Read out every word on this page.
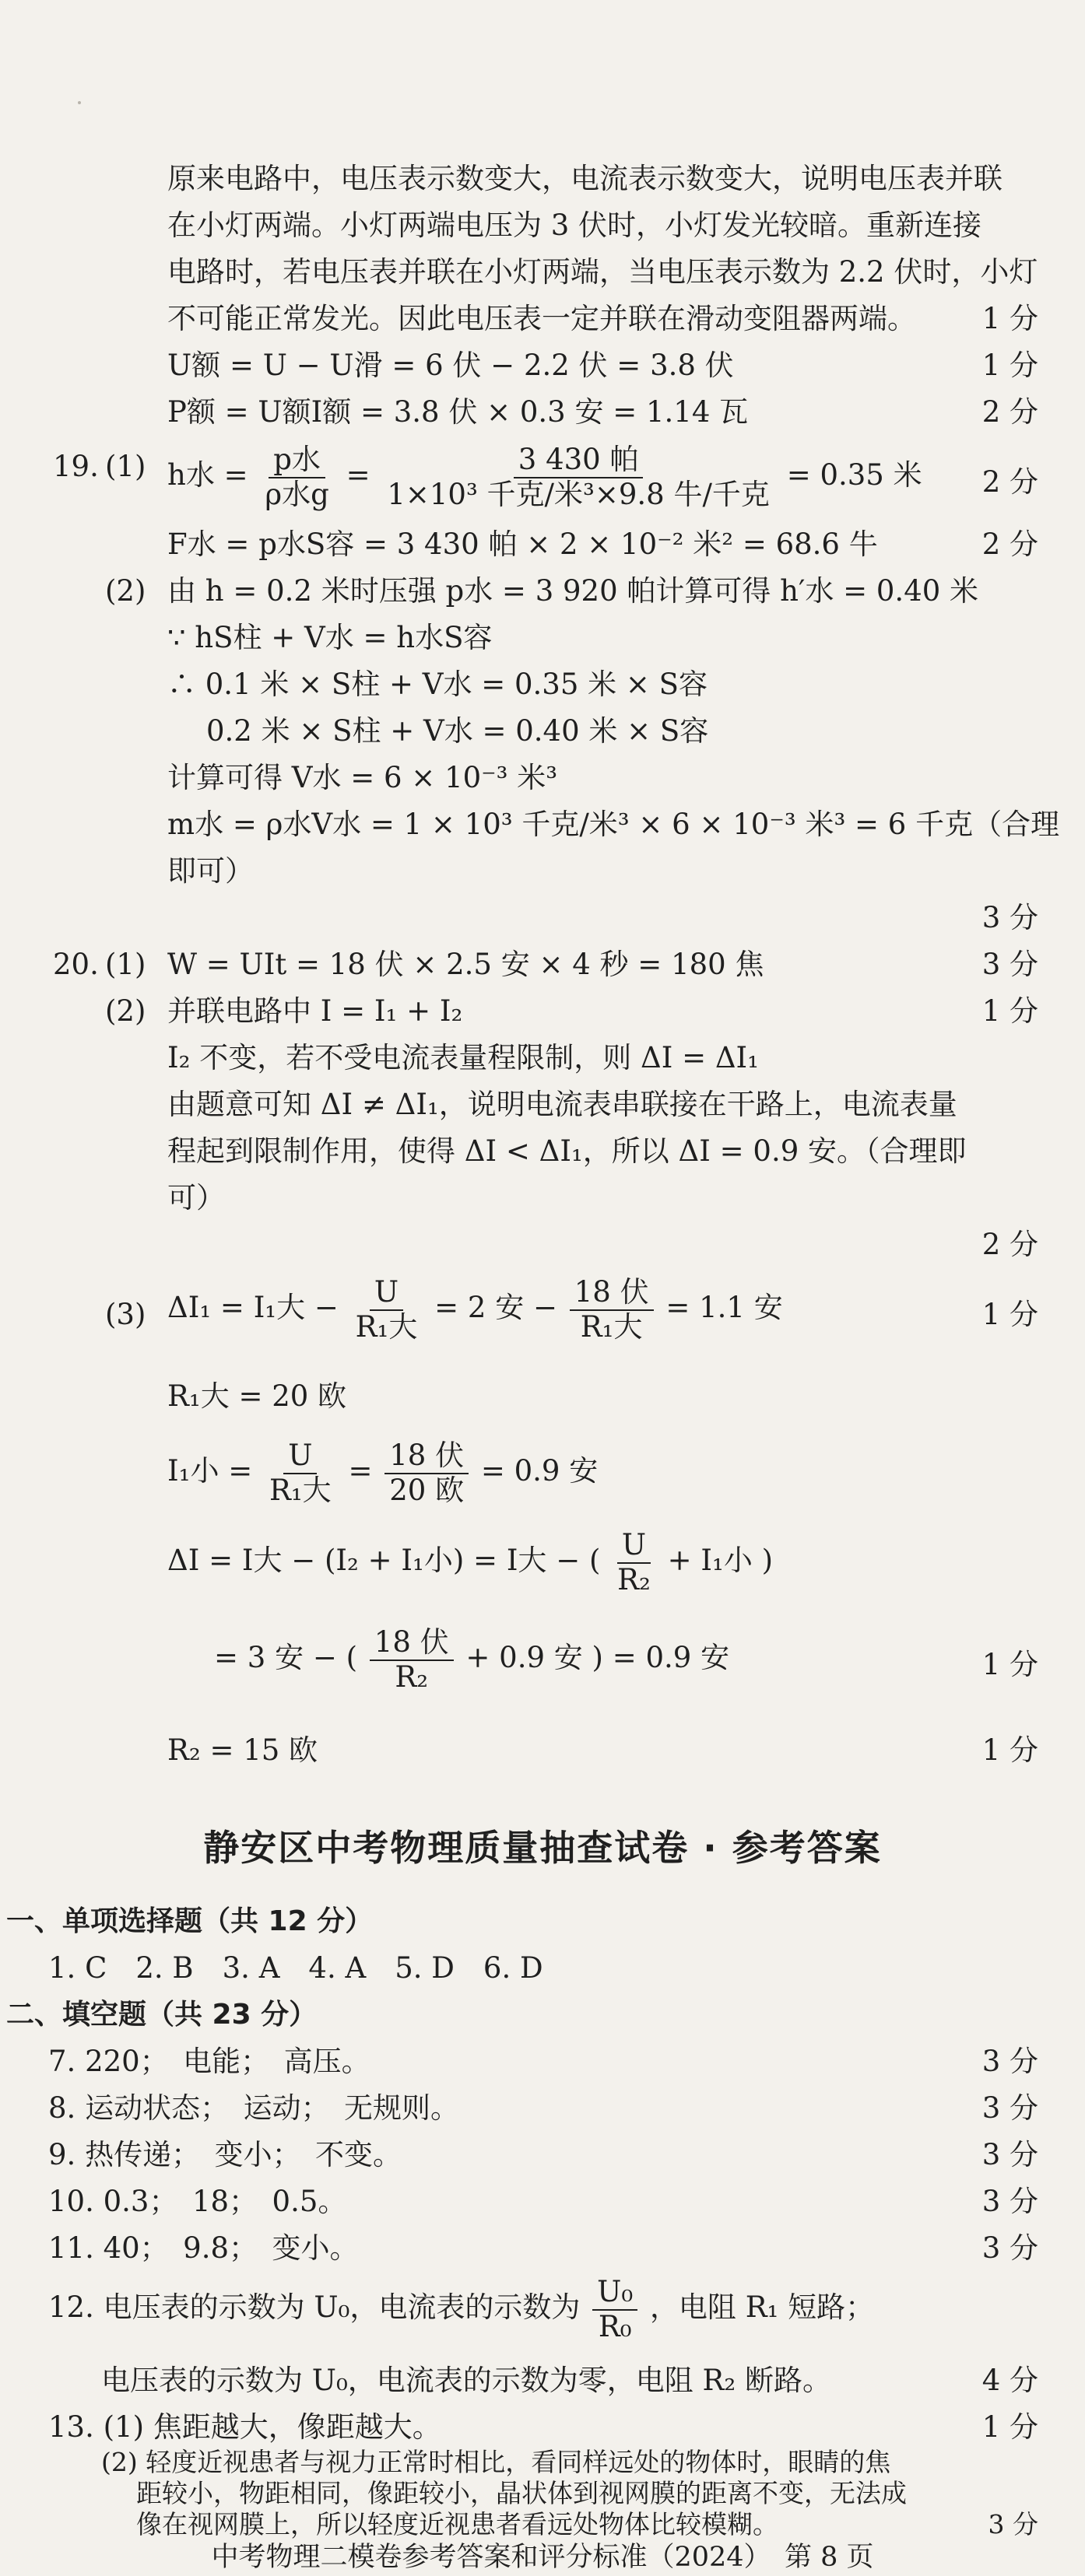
原来电路中，电压表示数变大，电流表示数变大，说明电压表并联
在小灯两端。小灯两端电压为 3 伏时，小灯发光较暗。重新连接
电路时，若电压表并联在小灯两端，当电压表示数为 2.2 伏时，小灯
不可能正常发光。因此电压表一定并联在滑动变阻器两端。 1 分
U额 = U − U滑 = 6 伏 − 2.2 伏 = 3.8 伏	1 分
P额 = U额I额 = 3.8 伏 × 0.3 安 = 1.14 瓦	2 分
19. (1) h水 = $\frac{\text{p水}}{\text{ρ水g}} = \frac{\text{3 430 帕}}{\text{1×10³ 千克/米³×9.8 牛/千克}} = 0.35$ 米 2 分
F水 = p水S容 = 3 430 帕 × 2 × 10⁻² 米² = 68.6 牛	2 分
(2) 由 h = 0.2 米时压强 p水 = 3 920 帕计算可得 h′水 = 0.40 米
∵ hS柱 + V水 = h水S容
∴ 0.1 米 × S柱 + V水 = 0.35 米 × S容
0.2 米 × S柱 + V水 = 0.40 米 × S容
计算可得 V水 = 6 × 10⁻³ 米³
m水 = ρ水V水 = 1 × 10³ 千克/米³ × 6 × 10⁻³ 米³ = 6 千克（合理
即可）
3 分
20. (1) W = UIt = 18 伏 × 2.5 安 × 4 秒 = 180 焦	3 分
(2) 并联电路中 I = I₁ + I₂	1 分
I₂ 不变，若不受电流表量程限制，则 ΔI = ΔI₁
由题意可知 ΔI ≠ ΔI₁，说明电流表串联接在干路上，电流表量
程起到限制作用，使得 ΔI < ΔI₁，所以 ΔI = 0.9 安。（合理即
可）
2 分
(3) ΔI₁ = I₁大 − $\frac{U}{\text{R₁大}} = 2$ 安 − $\frac{\text{18 伏}}{\text{R₁大}} = 1.1$ 安	1 分
R₁大 = 20 欧
I₁小 = $\frac{U}{\text{R₁大}} = \frac{\text{18 伏}}{\text{20 欧}} = 0.9$ 安
ΔI = I大 − (I₂ + I₁小) = I大 − ( $\frac{U}{\text{R₂}} + I_1$小 )
= 3 安 − ( $\frac{\text{18 伏}}{\text{R₂}} + 0.9$ 安 ) = 0.9 安	1 分
R₂ = 15 欧	1 分
静安区中考物理质量抽查试卷 · 参考答案
一、单项选择题（共 12 分）
1. C　2. B　3. A　4. A　5. D　6. D
二、填空题（共 23 分）
7. 220；　电能；　高压。	3 分
8. 运动状态；　运动；　无规则。	3 分
9. 热传递；　变小；　不变。	3 分
10. 0.3；　18；　0.5。	3 分
11. 40；　9.8；　变小。	3 分
12. 电压表的示数为 U₀，电流表的示数为 $\frac{\text{U₀}}{\text{R₀}}$ ，电阻 R₁ 短路；
电压表的示数为 U₀，电流表的示数为零，电阻 R₂ 断路。	4 分
13. (1) 焦距越大，像距越大。	1 分
(2) 轻度近视患者与视力正常时相比，看同样远处的物体时，眼睛的焦
距较小，物距相同，像距较小，晶状体到视网膜的距离不变，无法成
像在视网膜上，所以轻度近视患者看远处物体比较模糊。	3 分
中考物理二模卷参考答案和评分标准（2024）　第 8 页
